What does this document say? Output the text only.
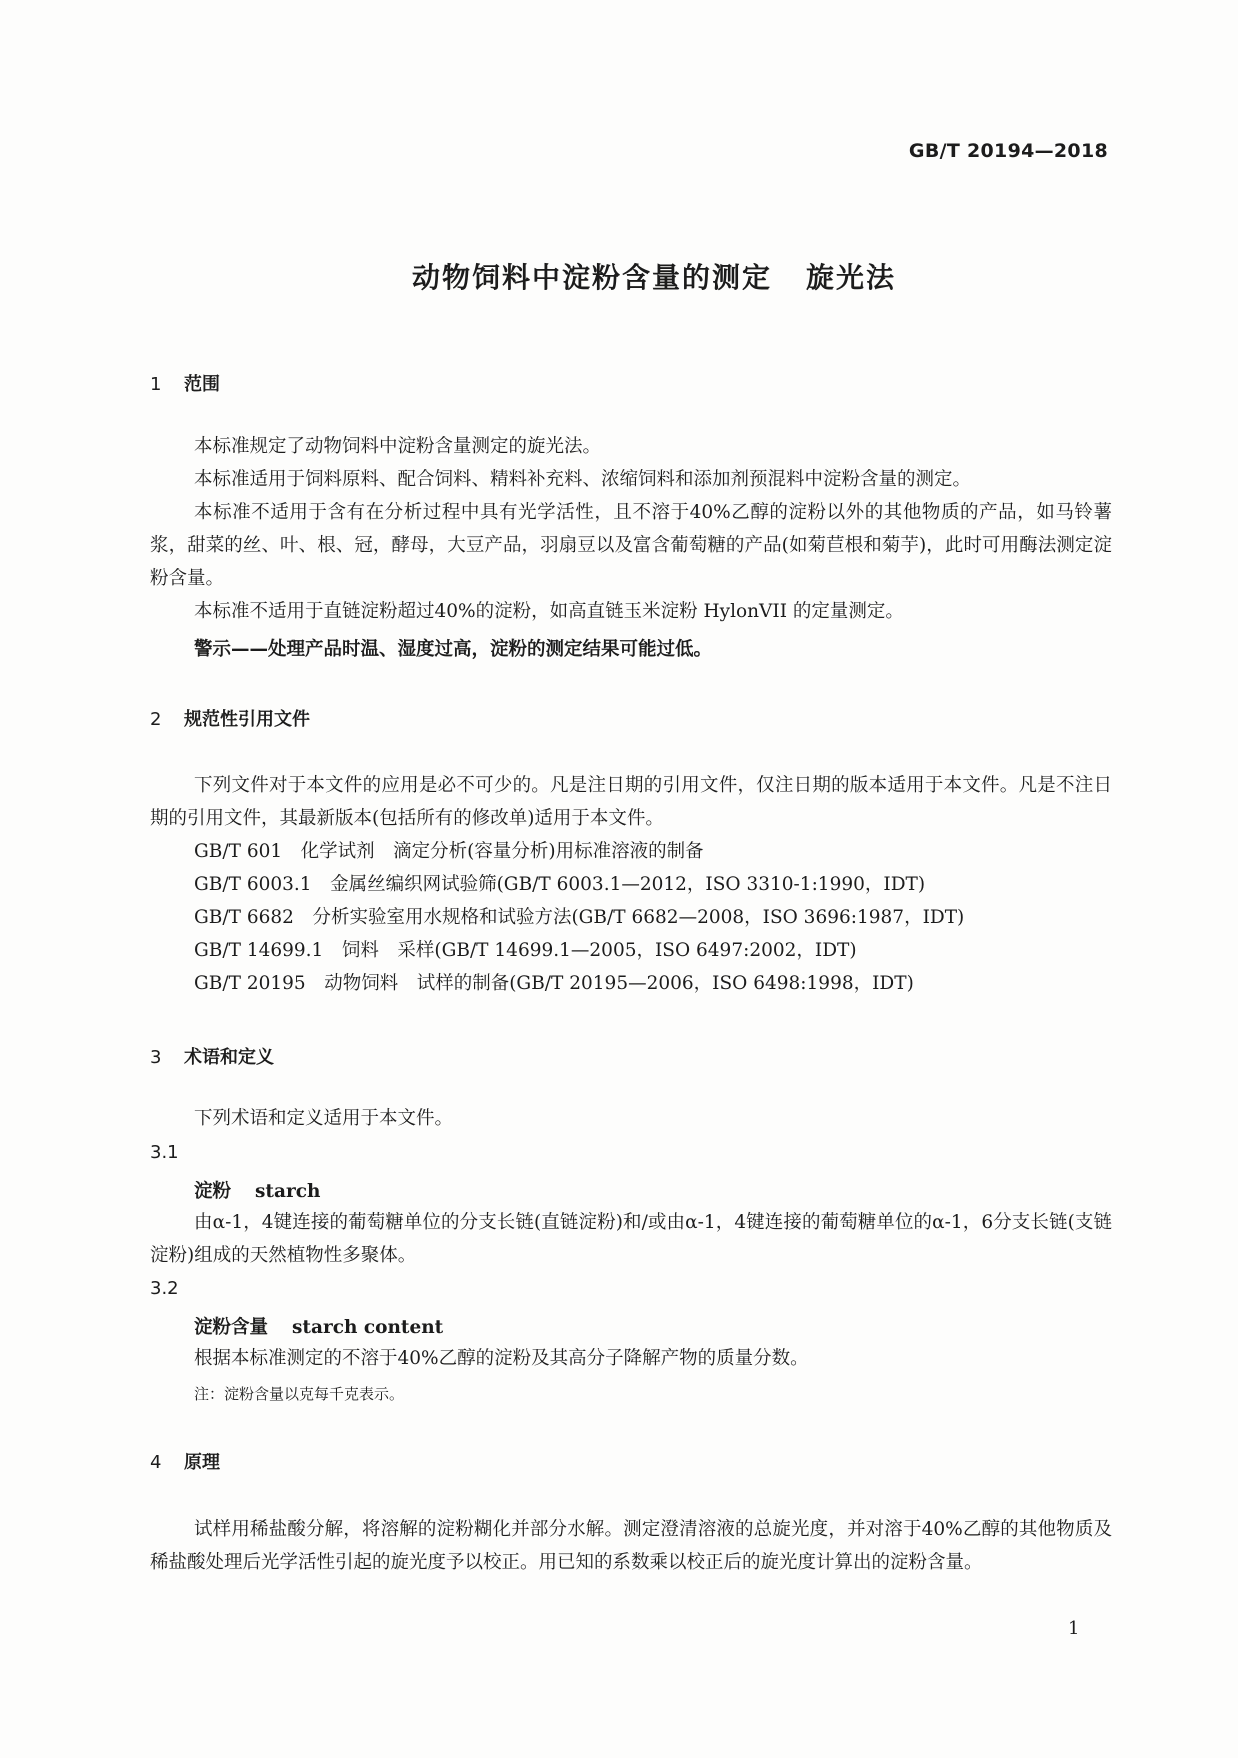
GB/T 20194—2018
动物饲料中淀粉含量的测定 旋光法
1 范围
本标准规定了动物饲料中淀粉含量测定的旋光法。
本标准适用于饲料原料、配合饲料、精料补充料、浓缩饲料和添加剂预混料中淀粉含量的测定。
本标准不适用于含有在分析过程中具有光学活性，且不溶于40%乙醇的淀粉以外的其他物质的产品，如马铃薯浆，甜菜的丝、叶、根、冠，酵母，大豆产品，羽扇豆以及富含葡萄糖的产品(如菊苣根和菊芋)，此时可用酶法测定淀粉含量。
本标准不适用于直链淀粉超过40%的淀粉，如高直链玉米淀粉 HylonVII 的定量测定。
警示——处理产品时温、湿度过高，淀粉的测定结果可能过低。
2 规范性引用文件
下列文件对于本文件的应用是必不可少的。凡是注日期的引用文件，仅注日期的版本适用于本文件。凡是不注日期的引用文件，其最新版本(包括所有的修改单)适用于本文件。
GB/T 601　 化学试剂　滴定分析(容量分析)用标准溶液的制备
GB/T 6003.1　 金属丝编织网试验筛(GB/T 6003.1—2012，ISO 3310-1:1990，IDT)
GB/T 6682　 分析实验室用水规格和试验方法(GB/T 6682—2008，ISO 3696:1987，IDT)
GB/T 14699.1　 饲料　采样(GB/T 14699.1—2005，ISO 6497:2002，IDT)
GB/T 20195　 动物饲料　试样的制备(GB/T 20195—2006，ISO 6498:1998，IDT)
3 术语和定义
下列术语和定义适用于本文件。
3.1
淀粉 starch
由α-1，4键连接的葡萄糖单位的分支长链(直链淀粉)和/或由α-1，4键连接的葡萄糖单位的α-1，6分支长链(支链淀粉)组成的天然植物性多聚体。
3.2
淀粉含量 starch content
根据本标准测定的不溶于40%乙醇的淀粉及其高分子降解产物的质量分数。
注：淀粉含量以克每千克表示。
4 原理
试样用稀盐酸分解，将溶解的淀粉糊化并部分水解。测定澄清溶液的总旋光度，并对溶于40%乙醇的其他物质及稀盐酸处理后光学活性引起的旋光度予以校正。用已知的系数乘以校正后的旋光度计算出的淀粉含量。
1
